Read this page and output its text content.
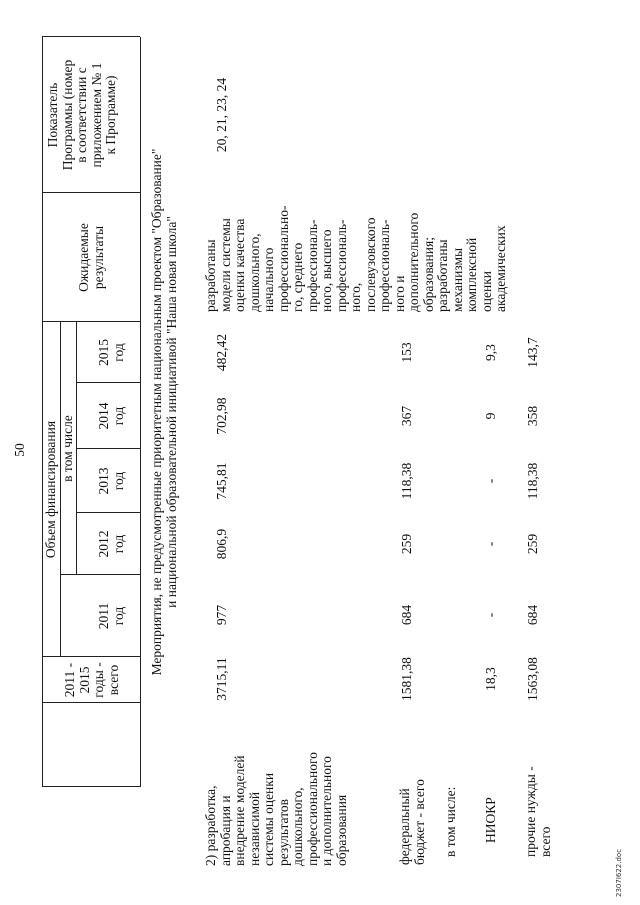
50
2011 -
2015
годы -
всего
Объем финансирования в том числе
2011
год
2012
год
2013
год
2014
год
2015
год
Ожидаемые
результаты
Показатель
Программы (номер
в соответствии с
приложением № 1
к Программе)
Мероприятия, не предусмотренные приоритетным национальным проектом "Образование"
и национальной образовательной инициативой "Наша новая школа"
2) разработка,
апробация и
внедрение моделей
независимой
системы оценки
результатов
дошкольного,
профессионального
и дополнительного
образования
3715,11
977
806,9
745,81
702,98
482,42
разработаны
модели системы
оценки качества
дошкольного,
начального
профессионально-
го, среднего
профессиональ-
ного, высшего
профессиональ-
ного,
послевузовского
профессиональ-
ного и
дополнительного
образования;
разработаны
механизмы
комплексной
оценки
академических
20, 21, 23, 24
федеральный
бюджет - всего
1581,38
684
259
118,38
367
153
в том числе: НИОКР
18,3
-
-
-
9
9,3
прочие нужды -
всего
1563,08
684
259
118,38
358
143,7
2307I622.doc
